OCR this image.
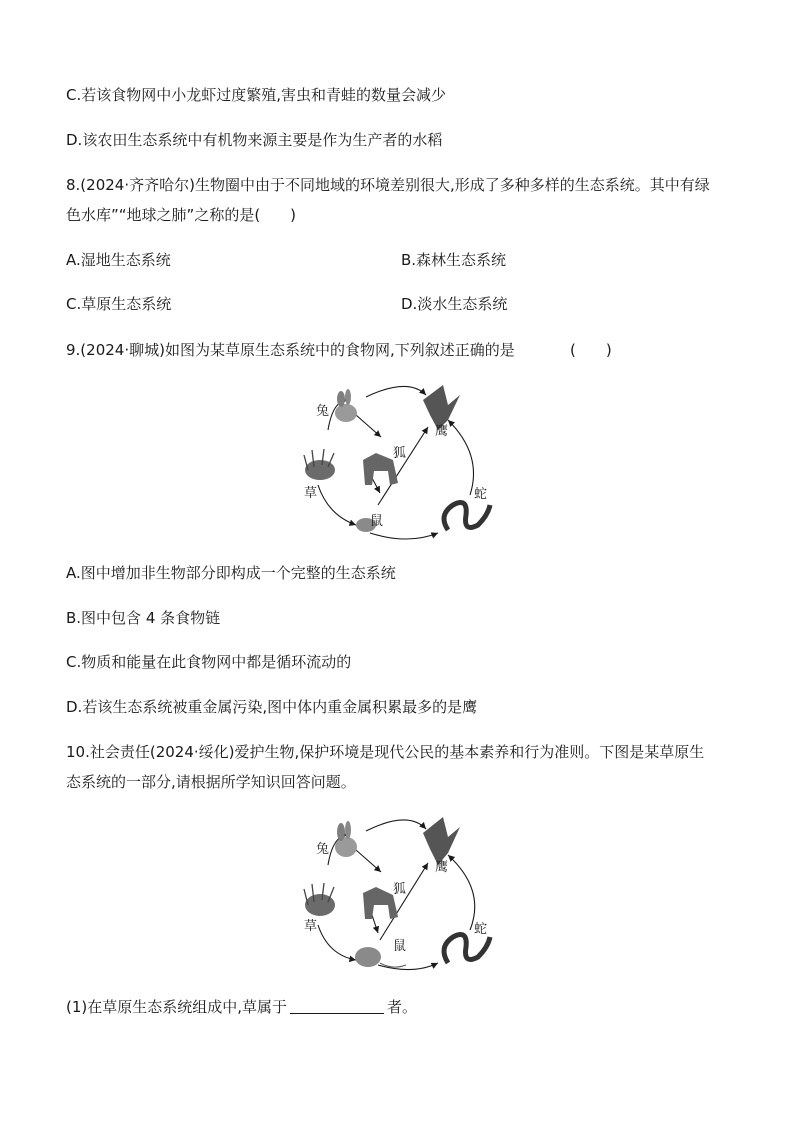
C.若该食物网中小龙虾过度繁殖,害虫和青蛙的数量会减少
D.该农田生态系统中有机物来源主要是作为生产者的水稻
8.(2024·齐齐哈尔)生物圈中由于不同地域的环境差别很大,形成了多种多样的生态系统。其中有绿
色水库”“地球之肺”之称的是(　　)
A.湿地生态系统	B.森林生态系统
C.草原生态系统	D.淡水生态系统
9.(2024·聊城)如图为某草原生态系统中的食物网,下列叙述正确的是	(　　)
兔
鹰
狐
草	蛇
鼠
A.图中增加非生物部分即构成一个完整的生态系统
B.图中包含 4 条食物链
C.物质和能量在此食物网中都是循环流动的
D.若该生态系统被重金属污染,图中体内重金属积累最多的是鹰
10.社会责任(2024·绥化)爱护生物,保护环境是现代公民的基本素养和行为准则。下图是某草原生
态系统的一部分,请根据所学知识回答问题。
兔
鹰
狐
草	蛇
鼠
(1)在草原生态系统组成中,草属于	者。
